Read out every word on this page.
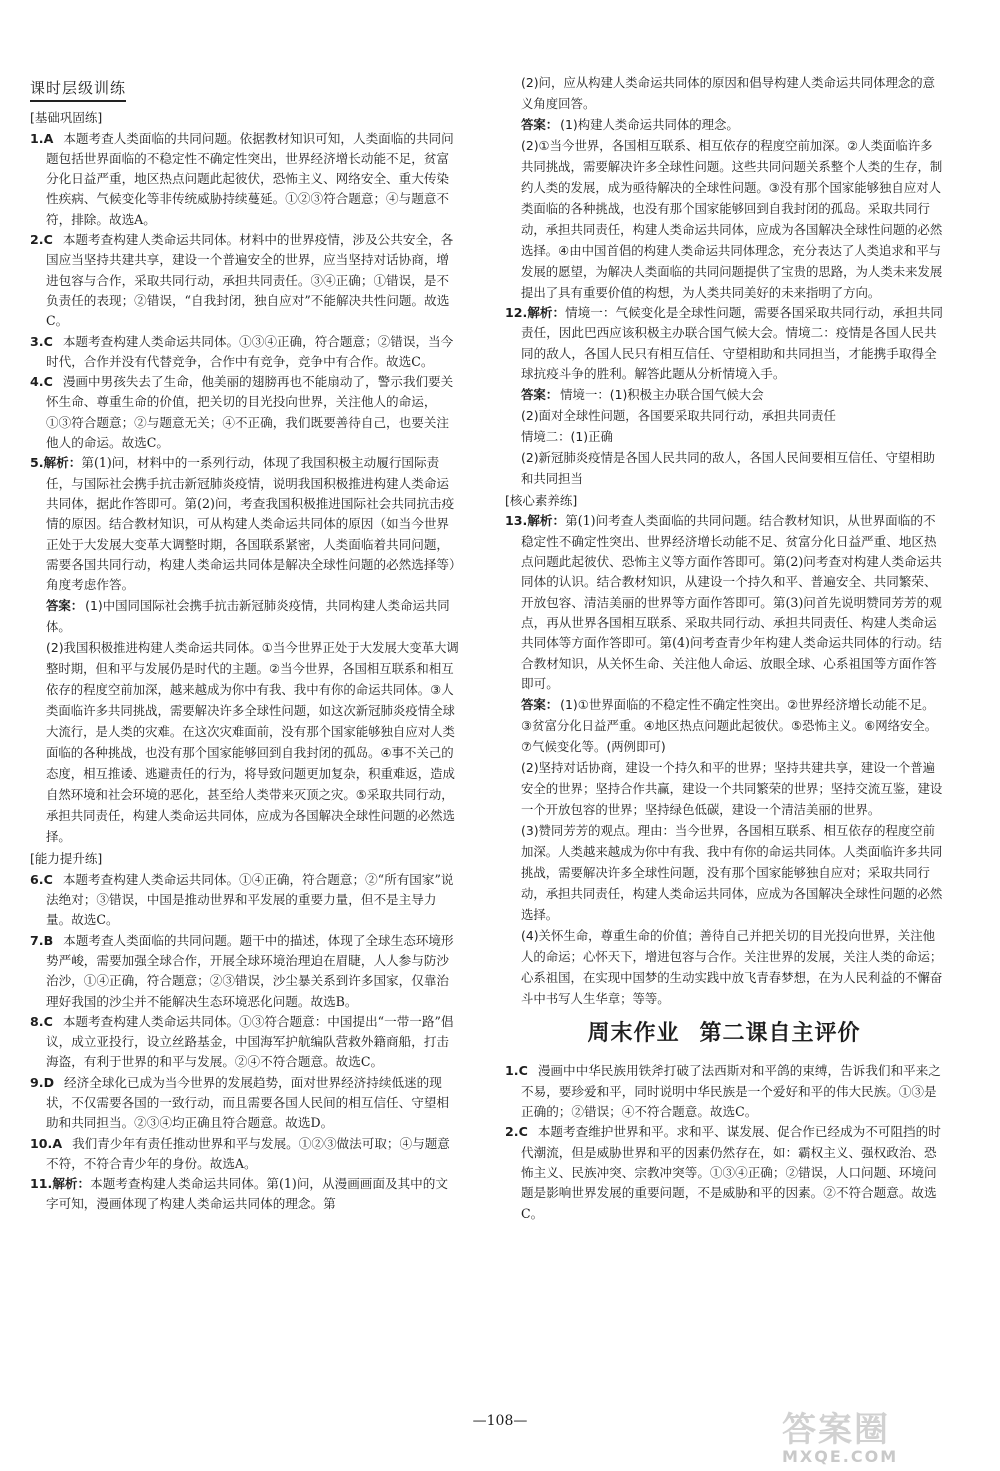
课时层级训练
[基础巩固练]

1.A 本题考查人类面临的共同问题。依据教材知识可知，人类面临的共同问题包括世界面临的不稳定性不确定性突出，世界经济增长动能不足，贫富分化日益严重，地区热点问题此起彼伏，恐怖主义、网络安全、重大传染性疾病、气候变化等非传统威胁持续蔓延。①②③符合题意；④与题意不符，排除。故选A。

2.C 本题考查构建人类命运共同体。材料中的世界疫情，涉及公共安全，各国应当坚持共建共享，建设一个普遍安全的世界，应当坚持对话协商，增进包容与合作，采取共同行动，承担共同责任。③④正确；①错误，是不负责任的表现；②错误，“自我封闭，独自应对”不能解决共性问题。故选C。

3.C 本题考查构建人类命运共同体。①③④正确，符合题意；②错误，当今时代，合作并没有代替竞争，合作中有竞争，竞争中有合作。故选C。

4.C 漫画中男孩失去了生命，他美丽的翅膀再也不能扇动了，警示我们要关怀生命、尊重生命的价值，把关切的目光投向世界，关注他人的命运，①③符合题意；②与题意无关；④不正确，我们既要善待自己，也要关注他人的命运。故选C。

5.解析：第(1)问，材料中的一系列行动，体现了我国积极主动履行国际责任，与国际社会携手抗击新冠肺炎疫情，说明我国积极推进构建人类命运共同体，据此作答即可。第(2)问，考查我国积极推进国际社会共同抗击疫情的原因。结合教材知识，可从构建人类命运共同体的原因（如当今世界正处于大发展大变革大调整时期，各国联系紧密，人类面临着共同问题，需要各国共同行动，构建人类命运共同体是解决全球性问题的必然选择等）角度考虑作答。

答案： (1)中国同国际社会携手抗击新冠肺炎疫情，共同构建人类命运共同体。

(2)我国积极推进构建人类命运共同体。①当今世界正处于大发展大变革大调整时期，但和平与发展仍是时代的主题。②当今世界，各国相互联系和相互依存的程度空前加深，越来越成为你中有我、我中有你的命运共同体。③人类面临许多共同挑战，需要解决许多全球性问题，如这次新冠肺炎疫情全球大流行，是人类的灾难。在这次灾难面前，没有那个国家能够独自应对人类面临的各种挑战，也没有那个国家能够回到自我封闭的孤岛。④事不关己的态度，相互推诿、逃避责任的行为，将导致问题更加复杂，积重难返，造成自然环境和社会环境的恶化，甚至给人类带来灭顶之灾。⑤采取共同行动，承担共同责任，构建人类命运共同体，应成为各国解决全球性问题的必然选择。

[能力提升练]

6.C 本题考查构建人类命运共同体。①④正确，符合题意；②“所有国家”说法绝对；③错误，中国是推动世界和平发展的重要力量，但不是主导力量。故选C。

7.B 本题考查人类面临的共同问题。题干中的描述，体现了全球生态环境形势严峻，需要加强全球合作，开展全球环境治理迫在眉睫，人人参与防沙治沙，①④正确，符合题意；②③错误，沙尘暴关系到许多国家，仅靠治理好我国的沙尘并不能解决生态环境恶化问题。故选B。

8.C 本题考查构建人类命运共同体。①③符合题意：中国提出“一带一路”倡议，成立亚投行，设立丝路基金，中国海军护航编队营救外籍商船，打击海盗，有利于世界的和平与发展。②④不符合题意。故选C。

9.D 经济全球化已成为当今世界的发展趋势，面对世界经济持续低迷的现状，不仅需要各国的一致行动，而且需要各国人民间的相互信任、守望相助和共同担当。②③④均正确且符合题意。故选D。

10.A 我们青少年有责任推动世界和平与发展。①②③做法可取；④与题意不符，不符合青少年的身份。故选A。

11.解析：本题考查构建人类命运共同体。第(1)问，从漫画画面及其中的文字可知，漫画体现了构建人类命运共同体的理念。第

(2)问，应从构建人类命运共同体的原因和倡导构建人类命运共同体理念的意义角度回答。

答案： (1)构建人类命运共同体的理念。

(2)①当今世界，各国相互联系、相互依存的程度空前加深。②人类面临许多共同挑战，需要解决许多全球性问题。这些共同问题关系整个人类的生存，制约人类的发展，成为亟待解决的全球性问题。③没有那个国家能够独自应对人类面临的各种挑战，也没有那个国家能够回到自我封闭的孤岛。采取共同行动，承担共同责任，构建人类命运共同体，应成为各国解决全球性问题的必然选择。④由中国首倡的构建人类命运共同体理念，充分表达了人类追求和平与发展的愿望，为解决人类面临的共同问题提供了宝贵的思路，为人类未来发展提出了具有重要价值的构想，为人类共同美好的未来指明了方向。

12.解析：情境一：气候变化是全球性问题，需要各国采取共同行动，承担共同责任，因此巴西应该积极主办联合国气候大会。情境二：疫情是各国人民共同的敌人，各国人民只有相互信任、守望相助和共同担当，才能携手取得全球抗疫斗争的胜利。解答此题从分析情境入手。

答案： 情境一：(1)积极主办联合国气候大会

(2)面对全球性问题，各国要采取共同行动，承担共同责任

情境二：(1)正确

(2)新冠肺炎疫情是各国人民共同的敌人，各国人民间要相互信任、守望相助和共同担当

[核心素养练]

13.解析：第(1)问考查人类面临的共同问题。结合教材知识，从世界面临的不稳定性不确定性突出、世界经济增长动能不足、贫富分化日益严重、地区热点问题此起彼伏、恐怖主义等方面作答即可。第(2)问考查对构建人类命运共同体的认识。结合教材知识，从建设一个持久和平、普遍安全、共同繁荣、开放包容、清洁美丽的世界等方面作答即可。第(3)问首先说明赞同芳芳的观点，再从世界各国相互联系、采取共同行动、承担共同责任、构建人类命运共同体等方面作答即可。第(4)问考查青少年构建人类命运共同体的行动。结合教材知识，从关怀生命、关注他人命运、放眼全球、心系祖国等方面作答即可。

答案： (1)①世界面临的不稳定性不确定性突出。②世界经济增长动能不足。③贫富分化日益严重。④地区热点问题此起彼伏。⑤恐怖主义。⑥网络安全。⑦气候变化等。(两例即可)

(2)坚持对话协商，建设一个持久和平的世界；坚持共建共享，建设一个普遍安全的世界；坚持合作共赢，建设一个共同繁荣的世界；坚持交流互鉴，建设一个开放包容的世界；坚持绿色低碳，建设一个清洁美丽的世界。

(3)赞同芳芳的观点。理由：当今世界，各国相互联系、相互依存的程度空前加深。人类越来越成为你中有我、我中有你的命运共同体。人类面临许多共同挑战，需要解决许多全球性问题，没有那个国家能够独自应对；采取共同行动，承担共同责任，构建人类命运共同体，应成为各国解决全球性问题的必然选择。

(4)关怀生命，尊重生命的价值；善待自己并把关切的目光投向世界，关注他人的命运；心怀天下，增进包容与合作。关注世界的发展，关注人类的命运；心系祖国，在实现中国梦的生动实践中放飞青春梦想，在为人民利益的不懈奋斗中书写人生华章；等等。

周末作业 第二课自主评价

1.C 漫画中中华民族用铁斧打破了法西斯对和平鸽的束缚，告诉我们和平来之不易，要珍爱和平，同时说明中华民族是一个爱好和平的伟大民族。①③是正确的；②错误；④不符合题意。故选C。

2.C 本题考查维护世界和平。求和平、谋发展、促合作已经成为不可阻挡的时代潮流，但是威胁世界和平的因素仍然存在，如：霸权主义、强权政治、恐怖主义、民族冲突、宗教冲突等。①③④正确；②错误，人口问题、环境问题是影响世界发展的重要问题，不是威胁和平的因素。②不符合题意。故选C。

—108—	答案圈
MXQE.COM
